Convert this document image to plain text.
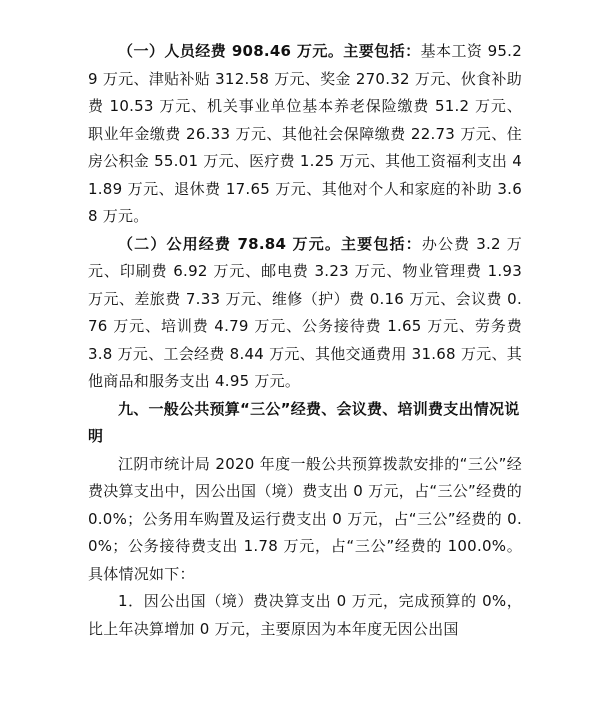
（一）人员经费 908.46 万元。主要包括：基本工资 95.29 万元、津贴补贴 312.58 万元、奖金 270.32 万元、伙食补助费 10.53 万元、机关事业单位基本养老保险缴费 51.2 万元、职业年金缴费 26.33 万元、其他社会保障缴费 22.73 万元、住房公积金 55.01 万元、医疗费 1.25 万元、其他工资福利支出 41.89 万元、退休费 17.65 万元、其他对个人和家庭的补助 3.68 万元。

（二）公用经费 78.84 万元。主要包括：办公费 3.2 万元、印刷费 6.92 万元、邮电费 3.23 万元、物业管理费 1.93 万元、差旅费 7.33 万元、维修（护）费 0.16 万元、会议费 0.76 万元、培训费 4.79 万元、公务接待费 1.65 万元、劳务费 3.8 万元、工会经费 8.44 万元、其他交通费用 31.68 万元、其他商品和服务支出 4.95 万元。

九、一般公共预算“三公”经费、会议费、培训费支出情况说明

江阴市统计局 2020 年度一般公共预算拨款安排的“三公”经费决算支出中，因公出国（境）费支出 0 万元，占“三公”经费的 0.0%；公务用车购置及运行费支出 0 万元，占“三公”经费的 0.0%；公务接待费支出 1.78 万元，占“三公”经费的 100.0%。具体情况如下：

1．因公出国（境）费决算支出 0 万元，完成预算的 0%，比上年决算增加 0 万元，主要原因为本年度无因公出国
